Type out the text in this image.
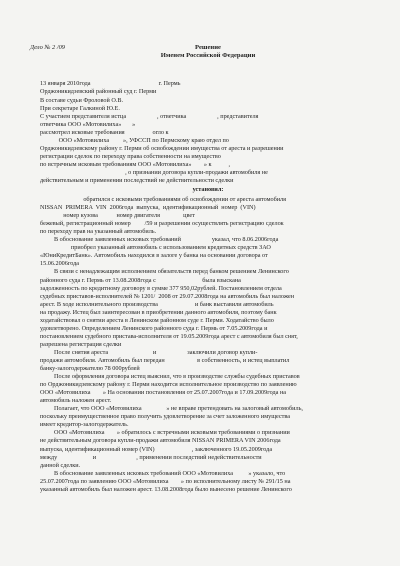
Дело № 2 /09	Решение
Именем Российской Федерации
13 января 2010года                                            г. Пермь
Орджоникидзевский районный суд г. Перми
В составе судьи Фроловой О.В.
При секретаре Галкиной Ю.Е.
С участием представителя истца                    , ответчика                    , представителя
ответчика ООО «Мотовилиха»       »
рассмотрел исковые требования                  огло к
ООО «Мотовилиха         », УФССП по Пермскому краю отдел по
Орджоникидзевскому району г. Перми об освобождении имущества от ареста и разрешении
регистрации сделок по переходу права собственности на имущество
по встречным исковым требованиям ООО «Мотовилиха»        » к           ,
, о признании договора купли-продажи автомобиля не
действительным и применении последствий не действительности сделки
установил:
обратился с исковыми требованиями об освобождении от ареста автомобиля
NISSAN  PRIMERA  VIN  2006года  выпуска,  идентификационный  номер  (VIN)
номер кузова            номер двигателя               цвет
бежевый, регистрационный номер         /59 и разрешении осуществлять регистрацию сделок
по переходу прав на указанный автомобиль.
В обоснование заявленных исковых требований                    указал, что 8.06.2006года
приобрел указанный автомобиль с использованием кредитных средств ЗАО
«ЮниКредитБанк». Автомобиль находился в залоге у банка на основании договора от
15.06.2006года
В связи с ненадлежащим исполнением обязательств перед банком решением Ленинского
районного суда г. Пермь от 13.08.2008года с                              была взыскана
задолженность по кредитному договору в сумме 377 950,02рублей. Постановлением отдела
судебных приставов-исполнителей № 1201/  2008 от 29.07.2008года на автомобиль был наложен
арест. В ходе исполнительного производства                        и банк выставили автомобиль
на продажу. Истец был заинтересован в приобретении данного автомобиля, поэтому банк
ходатайствовал о снятии ареста в Ленинском районном суде г. Перми. Ходатайство было
удовлетворено. Определением Ленинского районного суда г. Пермь от 7.05.2009года и
постановлением судебного пристава-исполнителя от 19.05.2009года арест с автомобиля был снят,
разрешена регистрация сделки
После снятия ареста                             и                    заключили договор купли-
продажи автомобиля. Автомобиль был передан                     в собственность, и истец выплатил
банку-залогодержателю 78 000рублей
После оформления договора истец выяснил, что в производстве службы судебных приставов
по Орджоникидзевскому району г. Перми находится исполнительное производство по заявлению
ООО «Мотовилиха        » На основании постановления от 25.07.2007года и 17.09.2009года на
автомобиль наложен арест.
Полагает, что ООО «Мотовилиха                » не вправе претендовать на залоговый автомобиль,
поскольку преимущественное право получить удовлетворение за счет заложенного имущества
имеет кредитор-залогодержатель.
ООО «Мотовилиха        » обратилось с встречными исковыми требованиями о признании
не действительным договора купли-продажи автомобиля NISSAN PRIMERA VIN 2006года
выпуска, идентификационный номер (VIN)                        , заключенного 19.05.2009года
между                       и                          , применении последствий недействительности
данной сделки.
В обоснование заявленных исковых требований ООО «Мотовилиха          » указало, что
25.07.2007года по заявлению ООО «Мотовилиха        » по исполнительному листу № 291/15 на
указанный автомобиль был наложен арест. 13.08.2008года было вынесено решение Ленинского
